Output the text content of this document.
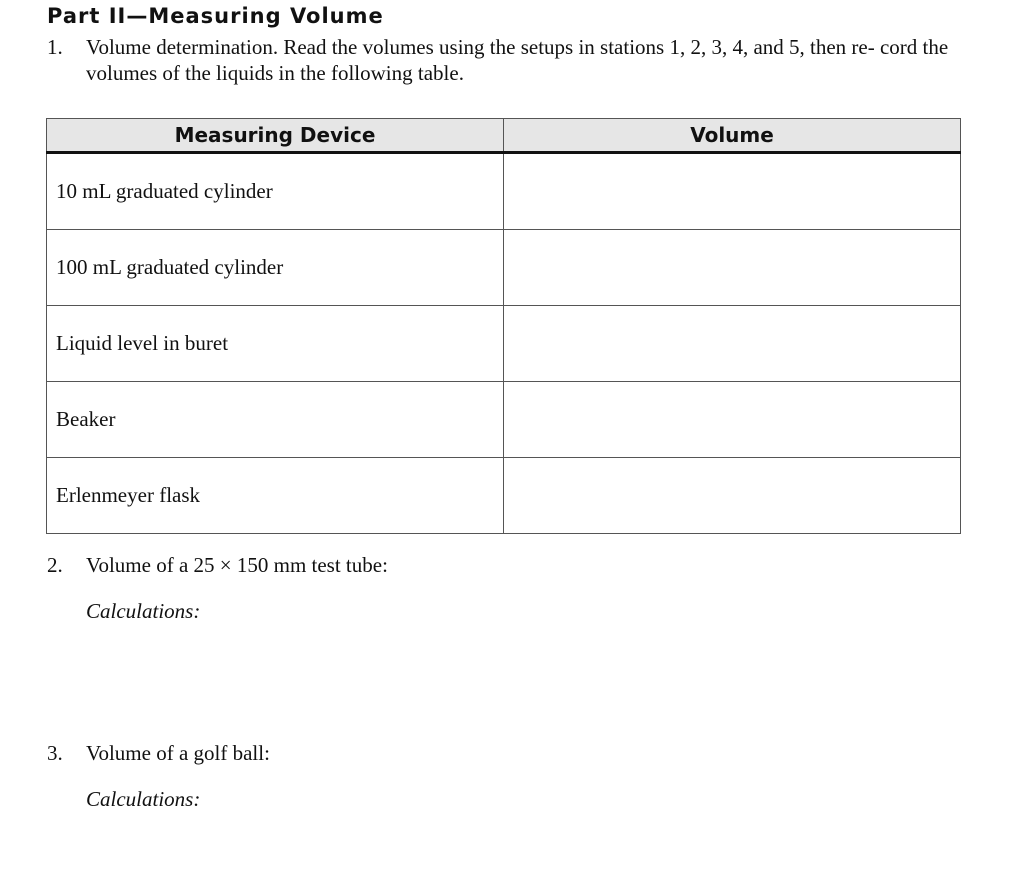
Part II—Measuring Volume
1. Volume determination. Read the volumes using the setups in stations 1, 2, 3, 4, and 5, then re- cord the volumes of the liquids in the following table.
Measuring Device	Volume
10 mL graduated cylinder	
100 mL graduated cylinder	
Liquid level in buret	
Beaker	
Erlenmeyer flask	
2. Volume of a 25 × 150 mm test tube:
Calculations:
3. Volume of a golf ball:
Calculations:
